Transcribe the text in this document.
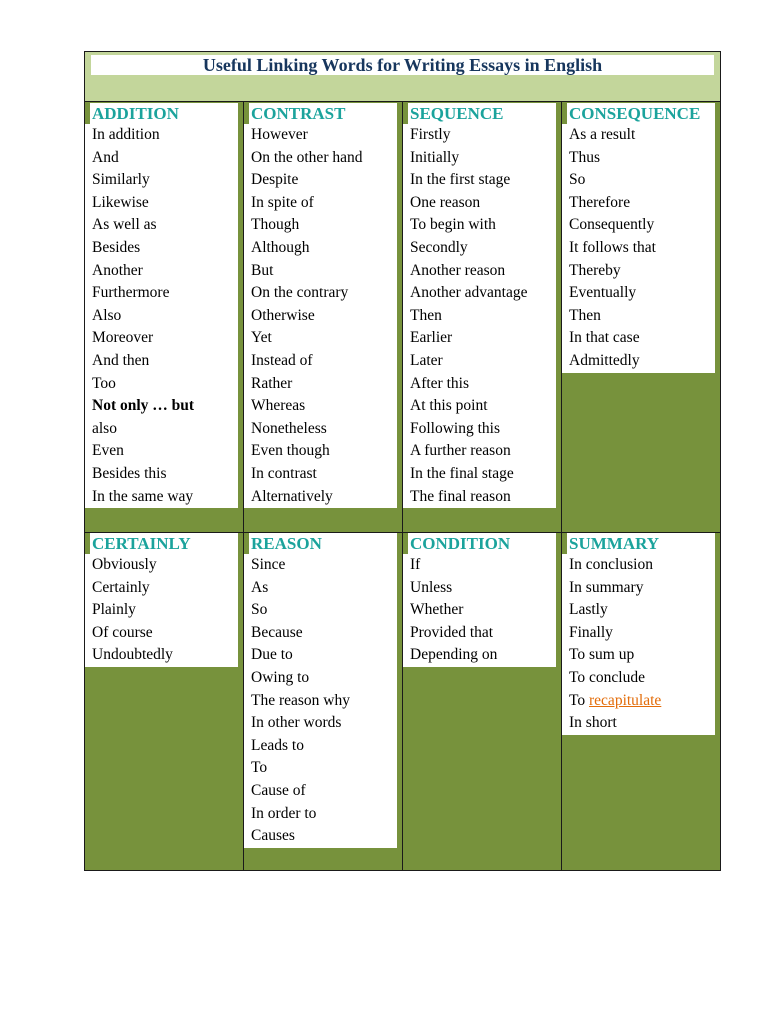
Useful Linking Words for Writing Essays in English
ADDITION
In addition
And
Similarly
Likewise
As well as
Besides
Another
Furthermore
Also
Moreover
And then
Too
Not only … but
also
Even
Besides this
In the same way
CONTRAST
However
On the other hand
Despite
In spite of
Though
Although
But
On the contrary
Otherwise
Yet
Instead of
Rather
Whereas
Nonetheless
Even though
In contrast
Alternatively
SEQUENCE
Firstly
Initially
In the first stage
One reason
To begin with
Secondly
Another reason
Another advantage
Then
Earlier
Later
After this
At this point
Following this
A further reason
In the final stage
The final reason
CONSEQUENCE
As a result
Thus
So
Therefore
Consequently
It follows that
Thereby
Eventually
Then
In that case
Admittedly
CERTAINLY
Obviously
Certainly
Plainly
Of course
Undoubtedly
REASON
Since
As
So
Because
Due to
Owing to
The reason why
In other words
Leads to
To
Cause of
In order to
Causes
CONDITION
If
Unless
Whether
Provided that
Depending on
SUMMARY
In conclusion
In summary
Lastly
Finally
To sum up
To conclude
To recapitulate
In short
